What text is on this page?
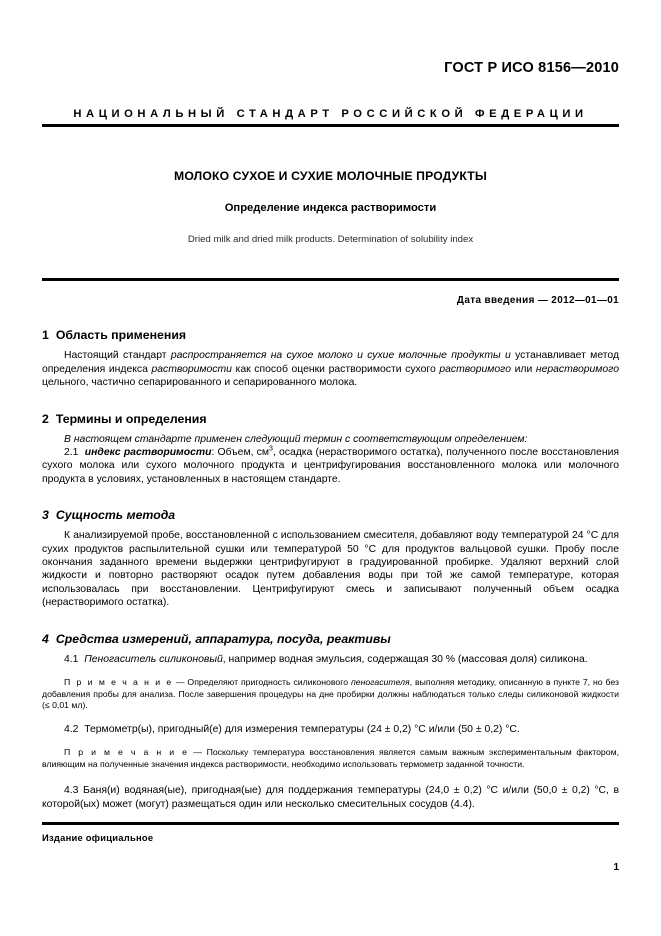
ГОСТ Р ИСО 8156—2010
НАЦИОНАЛЬНЫЙ СТАНДАРТ РОССИЙСКОЙ ФЕДЕРАЦИИ
МОЛОКО СУХОЕ И СУХИЕ МОЛОЧНЫЕ ПРОДУКТЫ
Определение индекса растворимости
Dried milk and dried milk products. Determination of solubility index
Дата введения — 2012—01—01
1 Область применения

Настоящий стандарт распространяется на сухое молоко и сухие молочные продукты и устанавливает метод определения индекса растворимости как способ оценки растворимости сухого растворимого или нерастворимого цельного, частично сепарированного и сепарированного молока.

2 Термины и определения

В настоящем стандарте применен следующий термин с соответствующим определением:

2.1 индекс растворимости: Объем, $см^3$, осадка (нерастворимого остатка), полученного после восстановления сухого молока или сухого молочного продукта и центрифугирования восстановленного молока или молочного продукта в условиях, установленных в настоящем стандарте.

3 Сущность метода

К анализируемой пробе, восстановленной с использованием смесителя, добавляют воду температурой 24 °С для сухих продуктов распылительной сушки или температурой 50 °С для продуктов вальцовой сушки. Пробу после окончания заданного времени выдержки центрифугируют в градуированной пробирке. Удаляют верхний слой жидкости и повторно растворяют осадок путем добавления воды при той же самой температуре, которая использовалась при восстановлении. Центрифугируют смесь и записывают полученный объем осадка (нерастворимого остатка).

4 Средства измерений, аппаратура, посуда, реактивы

4.1 Пеногаситель силиконовый, например водная эмульсия, содержащая 30 % (массовая доля) силикона.

П р и м е ч а н и е — Определяют пригодность силиконового пеногасителя, выполняя методику, описанную в пункте 7, но без добавления пробы для анализа. После завершения процедуры на дне пробирки должны наблюдаться только следы силиконовой жидкости (≤ 0,01 мл).

4.2 Термометр(ы), пригодный(е) для измерения температуры (24 ± 0,2) °С и/или (50 ± 0,2) °С.

П р и м е ч а н и е — Поскольку температура восстановления является самым важным экспериментальным фактором, влияющим на полученные значения индекса растворимости, необходимо использовать термометр заданной точности.

4.3 Баня(и) водяная(ые), пригодная(ые) для поддержания температуры (24,0 ± 0,2) °С и/или (50,0 ± 0,2) °С, в которой(ых) может (могут) размещаться один или несколько смесительных сосудов (4.4).

Издание официальное
1
